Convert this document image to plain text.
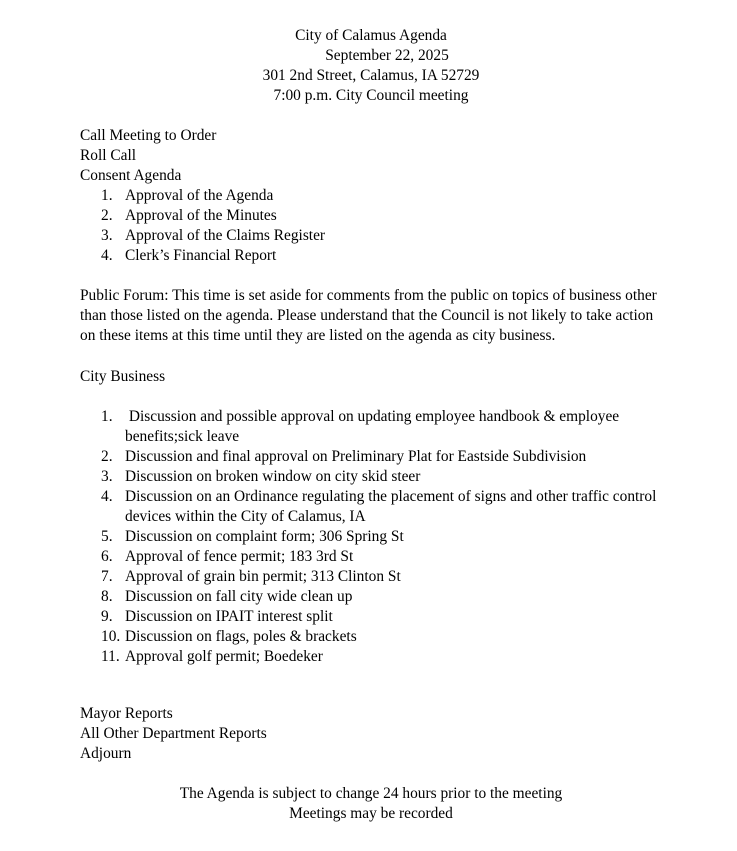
City of Calamus Agenda
September 22, 2025
301 2nd Street, Calamus, IA 52729
7:00 p.m. City Council meeting
Call Meeting to Order
Roll Call
Consent Agenda
Approval of the Agenda
Approval of the Minutes
Approval of the Claims Register
Clerk’s Financial Report

Public Forum: This time is set aside for comments from the public on topics of business other than those listed on the agenda. Please understand that the Council is not likely to take action on these items at this time until they are listed on the agenda as city business.

City Business
Discussion and possible approval on updating employee handbook & employee benefits;sick leave
Discussion and final approval on Preliminary Plat for Eastside Subdivision
Discussion on broken window on city skid steer
Discussion on an Ordinance regulating the placement of signs and other traffic control devices within the City of Calamus, IA
Discussion on complaint form; 306 Spring St
Approval of fence permit; 183 3rd St
Approval of grain bin permit; 313 Clinton St
Discussion on fall city wide clean up
Discussion on IPAIT interest split
Discussion on flags, poles & brackets
Approval golf permit; Boedeker
Mayor Reports
All Other Department Reports
Adjourn
The Agenda is subject to change 24 hours prior to the meeting
Meetings may be recorded
